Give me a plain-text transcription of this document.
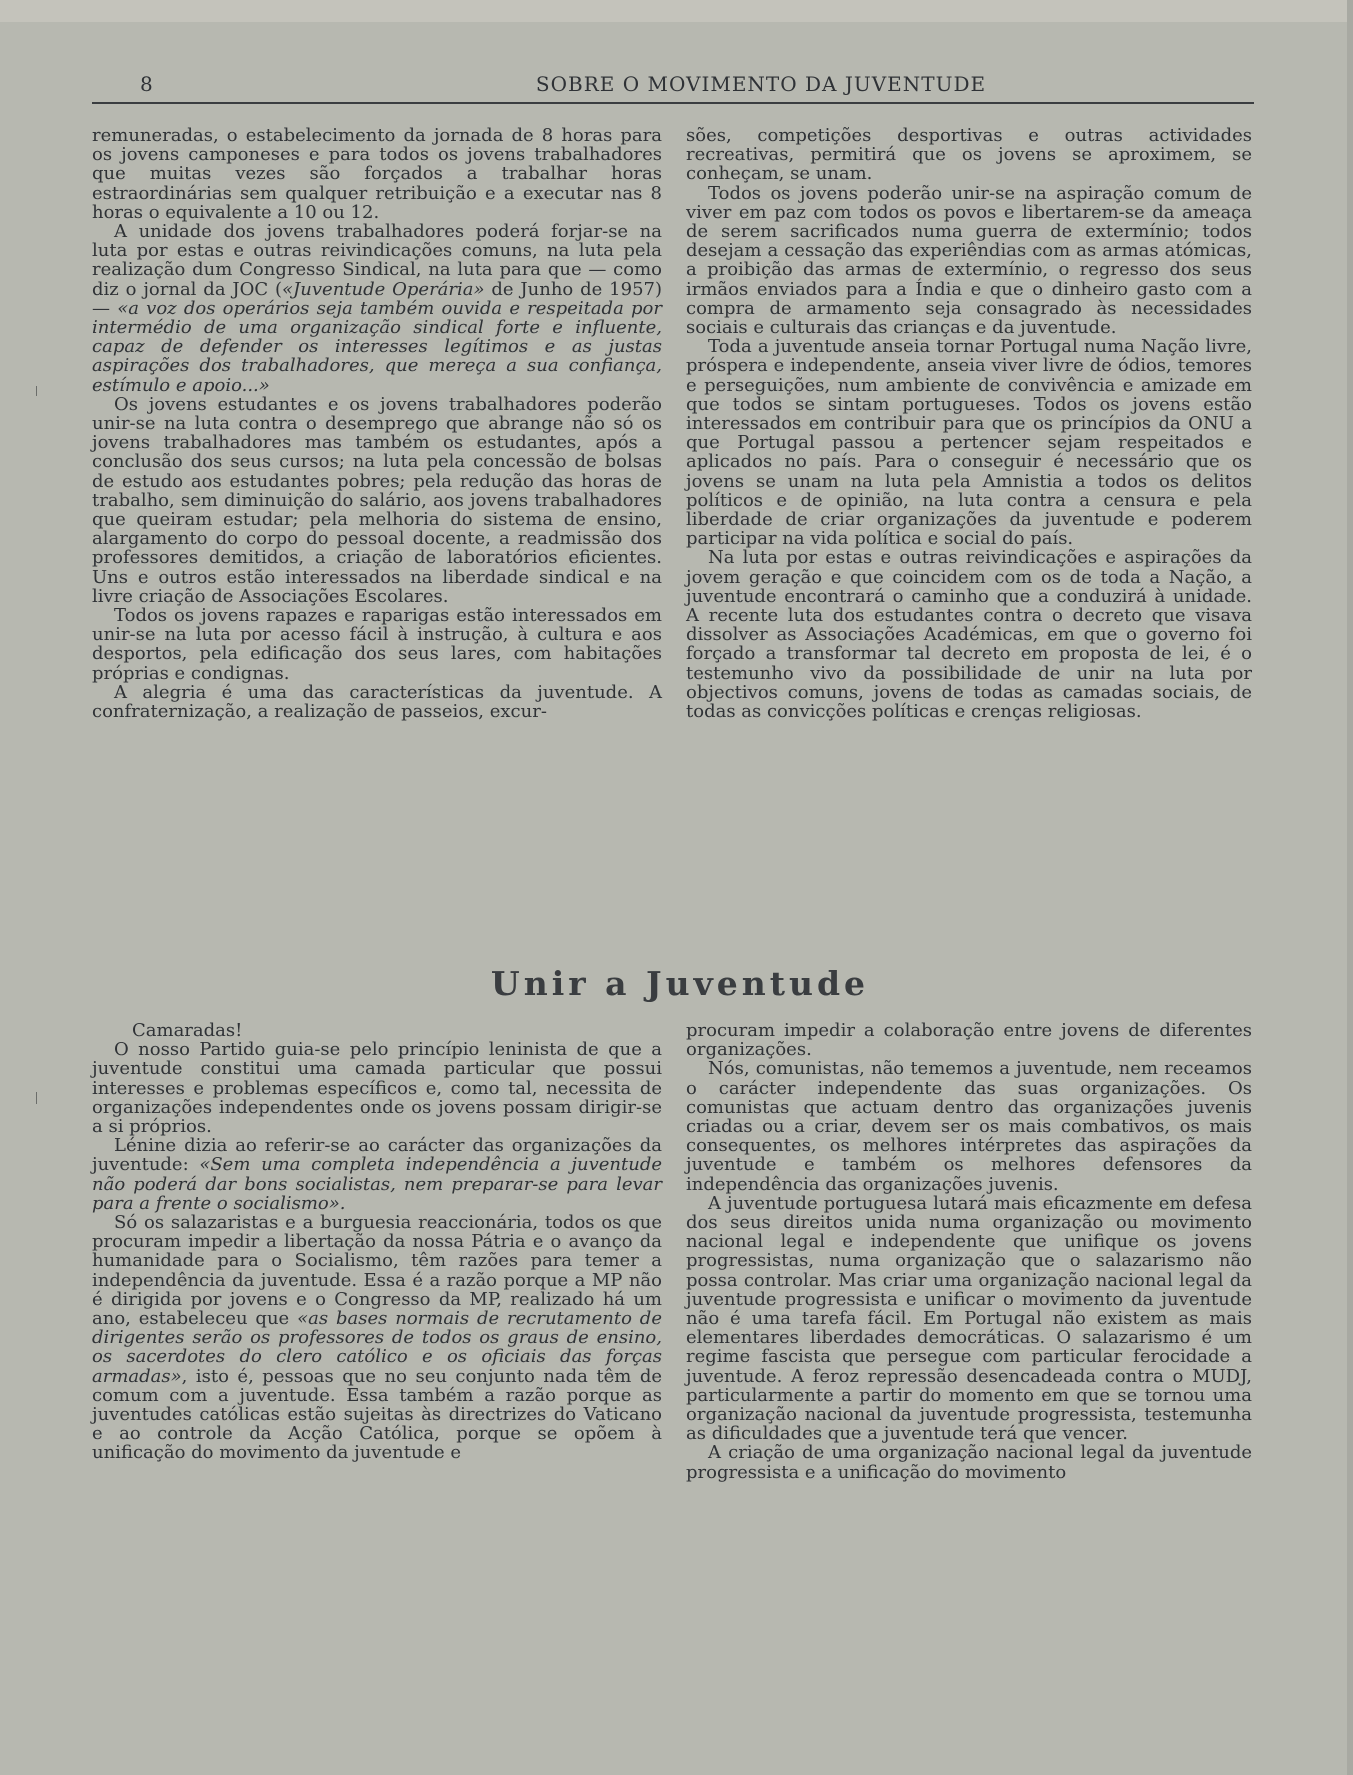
8	SOBRE O MOVIMENTO DA JUVENTUDE

remuneradas, o estabelecimento da jornada de 8 horas para os jovens camponeses e para todos os jovens trabalhadores que muitas vezes são forçados a trabalhar horas estraordinárias sem qualquer retribuição e a executar nas 8 horas o equivalente a 10 ou 12.

A unidade dos jovens trabalhadores poderá forjar-se na luta por estas e outras reivindicações comuns, na luta pela realização dum Congresso Sindical, na luta para que — como diz o jornal da JOC («Juventude Operária» de Junho de 1957) — «a voz dos operários seja também ouvida e respeitada por intermédio de uma organização sindical forte e influente, capaz de defender os interesses legítimos e as justas aspirações dos trabalhadores, que mereça a sua confiança, estímulo e apoio...»

Os jovens estudantes e os jovens trabalhadores poderão unir-se na luta contra o desemprego que abrange não só os jovens trabalhadores mas também os estudantes, após a conclusão dos seus cursos; na luta pela concessão de bolsas de estudo aos estudantes pobres; pela redução das horas de trabalho, sem diminuição do salário, aos jovens trabalhadores que queiram estudar; pela melhoria do sistema de ensino, alargamento do corpo do pessoal docente, a readmissão dos professores demitidos, a criação de laboratórios eficientes. Uns e outros estão interessados na liberdade sindical e na livre criação de Associações Escolares.

Todos os jovens rapazes e raparigas estão interessados em unir-se na luta por acesso fácil à instrução, à cultura e aos desportos, pela edificação dos seus lares, com habitações próprias e condignas.

A alegria é uma das características da juventude. A confraternização, a realização de passeios, excur-

sões, competições desportivas e outras actividades recreativas, permitirá que os jovens se aproximem, se conheçam, se unam.

Todos os jovens poderão unir-se na aspiração comum de viver em paz com todos os povos e libertarem-se da ameaça de serem sacrificados numa guerra de extermínio; todos desejam a cessação das experiêndias com as armas atómicas, a proibição das armas de extermínio, o regresso dos seus irmãos enviados para a Índia e que o dinheiro gasto com a compra de armamento seja consagrado às necessidades sociais e culturais das crianças e da juventude.

Toda a juventude anseia tornar Portugal numa Nação livre, próspera e independente, anseia viver livre de ódios, temores e perseguições, num ambiente de convivência e amizade em que todos se sintam portugueses. Todos os jovens estão interessados em contribuir para que os princípios da ONU a que Portugal passou a pertencer sejam respeitados e aplicados no país. Para o conseguir é necessário que os jovens se unam na luta pela Amnistia a todos os delitos políticos e de opinião, na luta contra a censura e pela liberdade de criar organizações da juventude e poderem participar na vida política e social do país.

Na luta por estas e outras reivindicações e aspirações da jovem geração e que coincidem com os de toda a Nação, a juventude encontrará o caminho que a conduzirá à unidade. A recente luta dos estudantes contra o decreto que visava dissolver as Associações Académicas, em que o governo foi forçado a transformar tal decreto em proposta de lei, é o testemunho vivo da possibilidade de unir na luta por objectivos comuns, jovens de todas as camadas sociais, de todas as convicções políticas e crenças religiosas.

Unir a Juventude

Camaradas!

O nosso Partido guia-se pelo princípio leninista de que a juventude constitui uma camada particular que possui interesses e problemas específicos e, como tal, necessita de organizações independentes onde os jovens possam dirigir-se a si próprios.

Lénine dizia ao referir-se ao carácter das organizações da juventude: «Sem uma completa independência a juventude não poderá dar bons socialistas, nem preparar-se para levar para a frente o socialismo».

Só os salazaristas e a burguesia reaccionária, todos os que procuram impedir a libertação da nossa Pátria e o avanço da humanidade para o Socialismo, têm razões para temer a independência da juventude. Essa é a razão porque a MP não é dirigida por jovens e o Congresso da MP, realizado há um ano, estabeleceu que «as bases normais de recrutamento de dirigentes serão os professores de todos os graus de ensino, os sacerdotes do clero católico e os oficiais das forças armadas», isto é, pessoas que no seu conjunto nada têm de comum com a juventude. Essa também a razão porque as juventudes católicas estão sujeitas às directrizes do Vaticano e ao controle da Acção Católica, porque se opõem à unificação do movimento da juventude e

procuram impedir a colaboração entre jovens de diferentes organizações.

Nós, comunistas, não tememos a juventude, nem receamos o carácter independente das suas organizações. Os comunistas que actuam dentro das organizações juvenis criadas ou a criar, devem ser os mais combativos, os mais consequentes, os melhores intérpretes das aspirações da juventude e também os melhores defensores da independência das organizações juvenis.

A juventude portuguesa lutará mais eficazmente em defesa dos seus direitos unida numa organização ou movimento nacional legal e independente que unifique os jovens progressistas, numa organização que o salazarismo não possa controlar. Mas criar uma organização nacional legal da juventude progressista e unificar o movimento da juventude não é uma tarefa fácil. Em Portugal não existem as mais elementares liberdades democráticas. O salazarismo é um regime fascista que persegue com particular ferocidade a juventude. A feroz repressão desencadeada contra o MUDJ, particularmente a partir do momento em que se tornou uma organização nacional da juventude progressista, testemunha as dificuldades que a juventude terá que vencer.

A criação de uma organização nacional legal da juventude progressista e a unificação do movimento
